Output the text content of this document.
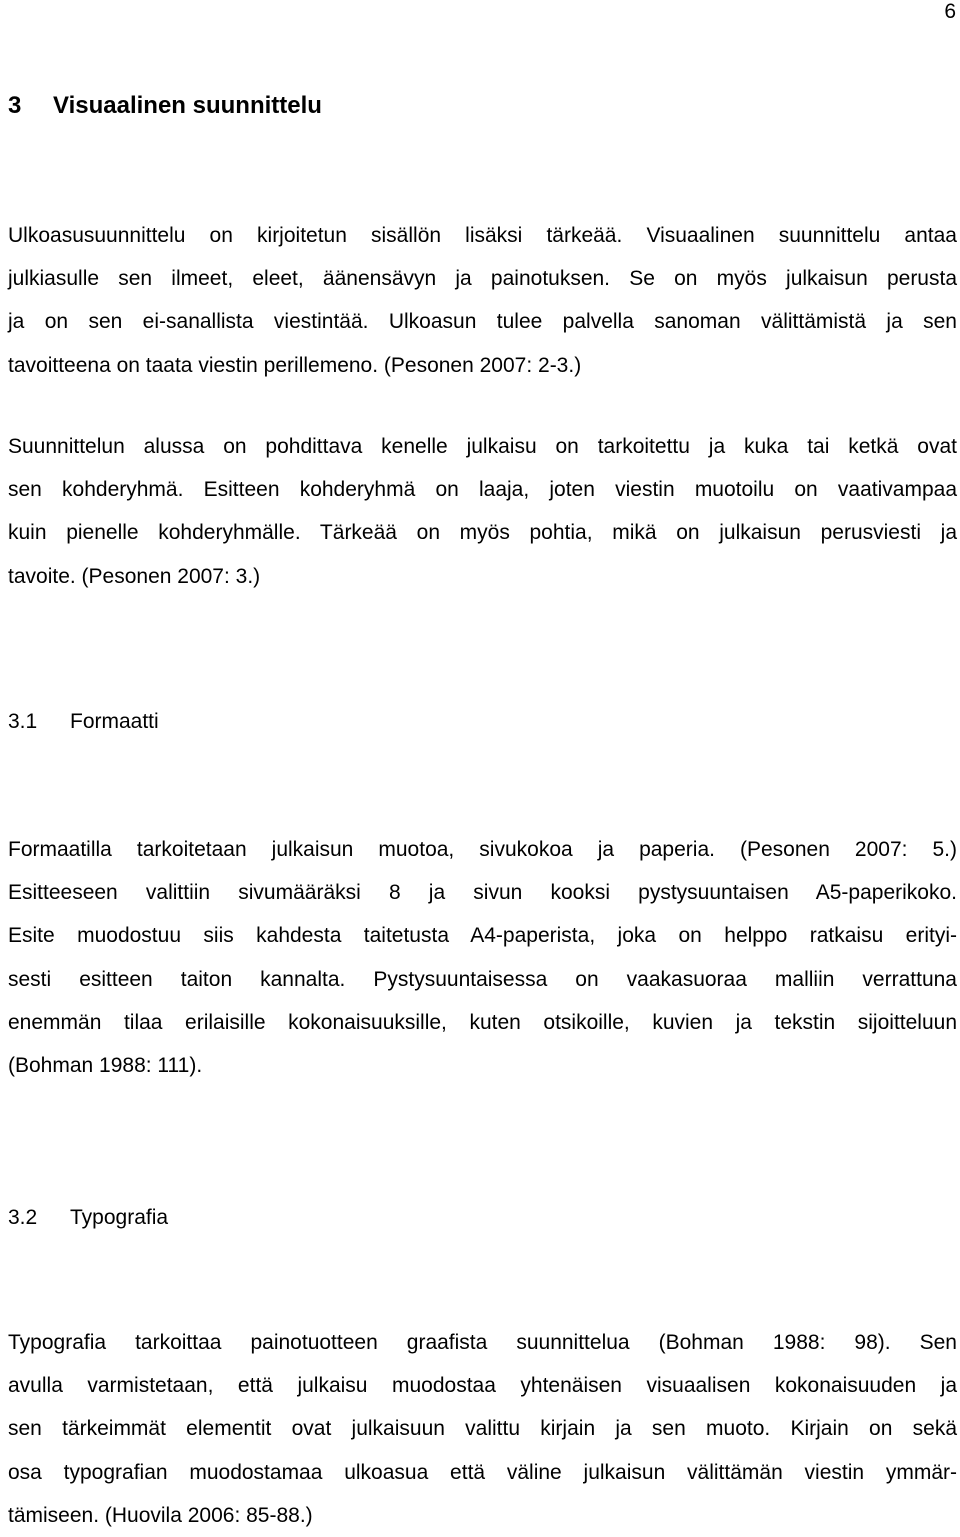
6
3 Visuaalinen suunnittelu

Ulkoasusuunnittelu on kirjoitetun sisällön lisäksi tärkeää. Visuaalinen suunnittelu antaa
julkiasulle sen ilmeet, eleet, äänensävyn ja painotuksen. Se on myös julkaisun perusta
ja on sen ei-sanallista viestintää. Ulkoasun tulee palvella sanoman välittämistä ja sen
tavoitteena on taata viestin perillemeno. (Pesonen 2007: 2-3.)

Suunnittelun alussa on pohdittava kenelle julkaisu on tarkoitettu ja kuka tai ketkä ovat
sen kohderyhmä. Esitteen kohderyhmä on laaja, joten viestin muotoilu on vaativampaa
kuin pienelle kohderyhmälle. Tärkeää on myös pohtia, mikä on julkaisun perusviesti ja
tavoite. (Pesonen 2007: 3.)

3.1 Formaatti

Formaatilla tarkoitetaan julkaisun muotoa, sivukokoa ja paperia. (Pesonen 2007: 5.)
Esitteeseen valittiin sivumääräksi 8 ja sivun kooksi pystysuuntaisen A5-paperikoko.
Esite muodostuu siis kahdesta taitetusta A4-paperista, joka on helppo ratkaisu erityi-
sesti esitteen taiton kannalta. Pystysuuntaisessa on vaakasuoraa malliin verrattuna
enemmän tilaa erilaisille kokonaisuuksille, kuten otsikoille, kuvien ja tekstin sijoitteluun
(Bohman 1988: 111).

3.2 Typografia

Typografia tarkoittaa painotuotteen graafista suunnittelua (Bohman 1988: 98). Sen
avulla varmistetaan, että julkaisu muodostaa yhtenäisen visuaalisen kokonaisuuden ja
sen tärkeimmät elementit ovat julkaisuun valittu kirjain ja sen muoto. Kirjain on sekä
osa typografian muodostamaa ulkoasua että väline julkaisun välittämän viestin ymmär-
tämiseen. (Huovila 2006: 85-88.)
